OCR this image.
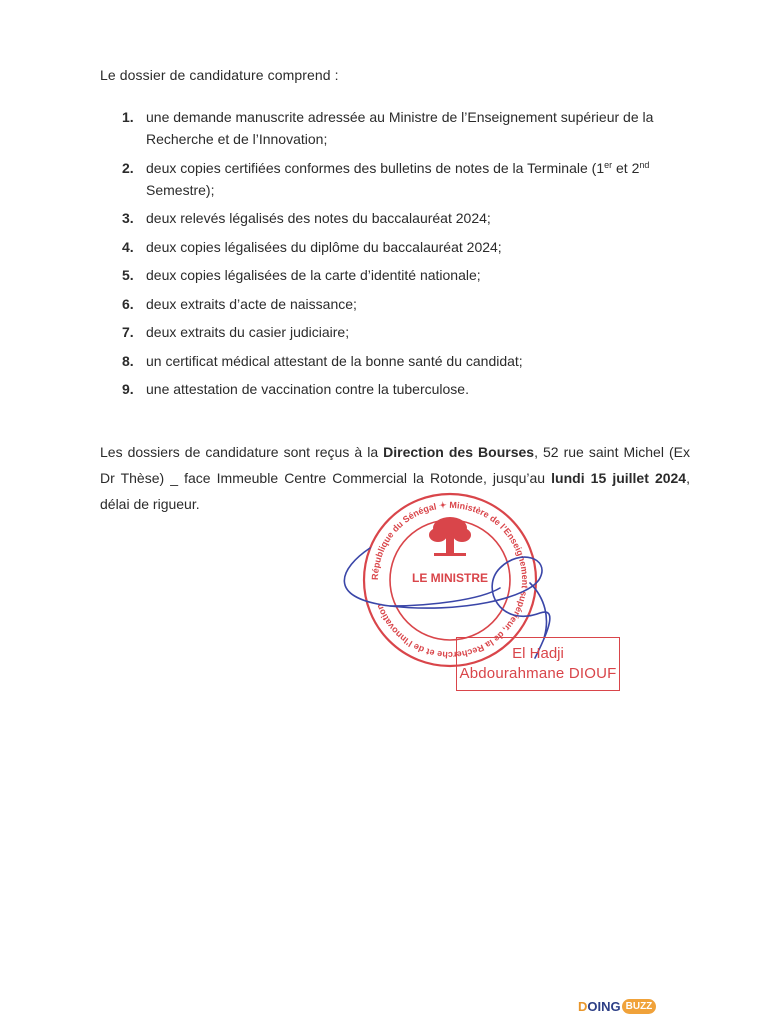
Le dossier de candidature comprend :
1. une demande manuscrite adressée au Ministre de l’Enseignement supérieur de la Recherche et de l’Innovation;
2. deux copies certifiées conformes des bulletins de notes de la Terminale (1er et 2nd Semestre);
3. deux relevés légalisés des notes du baccalauréat 2024;
4. deux copies légalisées du diplôme du baccalauréat 2024;
5. deux copies légalisées de la carte d’identité nationale;
6. deux extraits d’acte de naissance;
7. deux extraits du casier judiciaire;
8. un certificat médical attestant de la bonne santé du candidat;
9. une attestation de vaccination contre la tuberculose.

Les dossiers de candidature sont reçus à la Direction des Bourses, 52 rue saint Michel (Ex Dr Thèse) _ face Immeuble Centre Commercial la Rotonde, jusqu’au lundi 15 juillet 2024, délai de rigueur.

République du Sénégal ✦ Ministère de l’Enseignement supérieur, de la Recherche et de l’Innovation
LE MINISTRE
El Hadji
Abdourahmane DIOUF
D OING BUZZ
